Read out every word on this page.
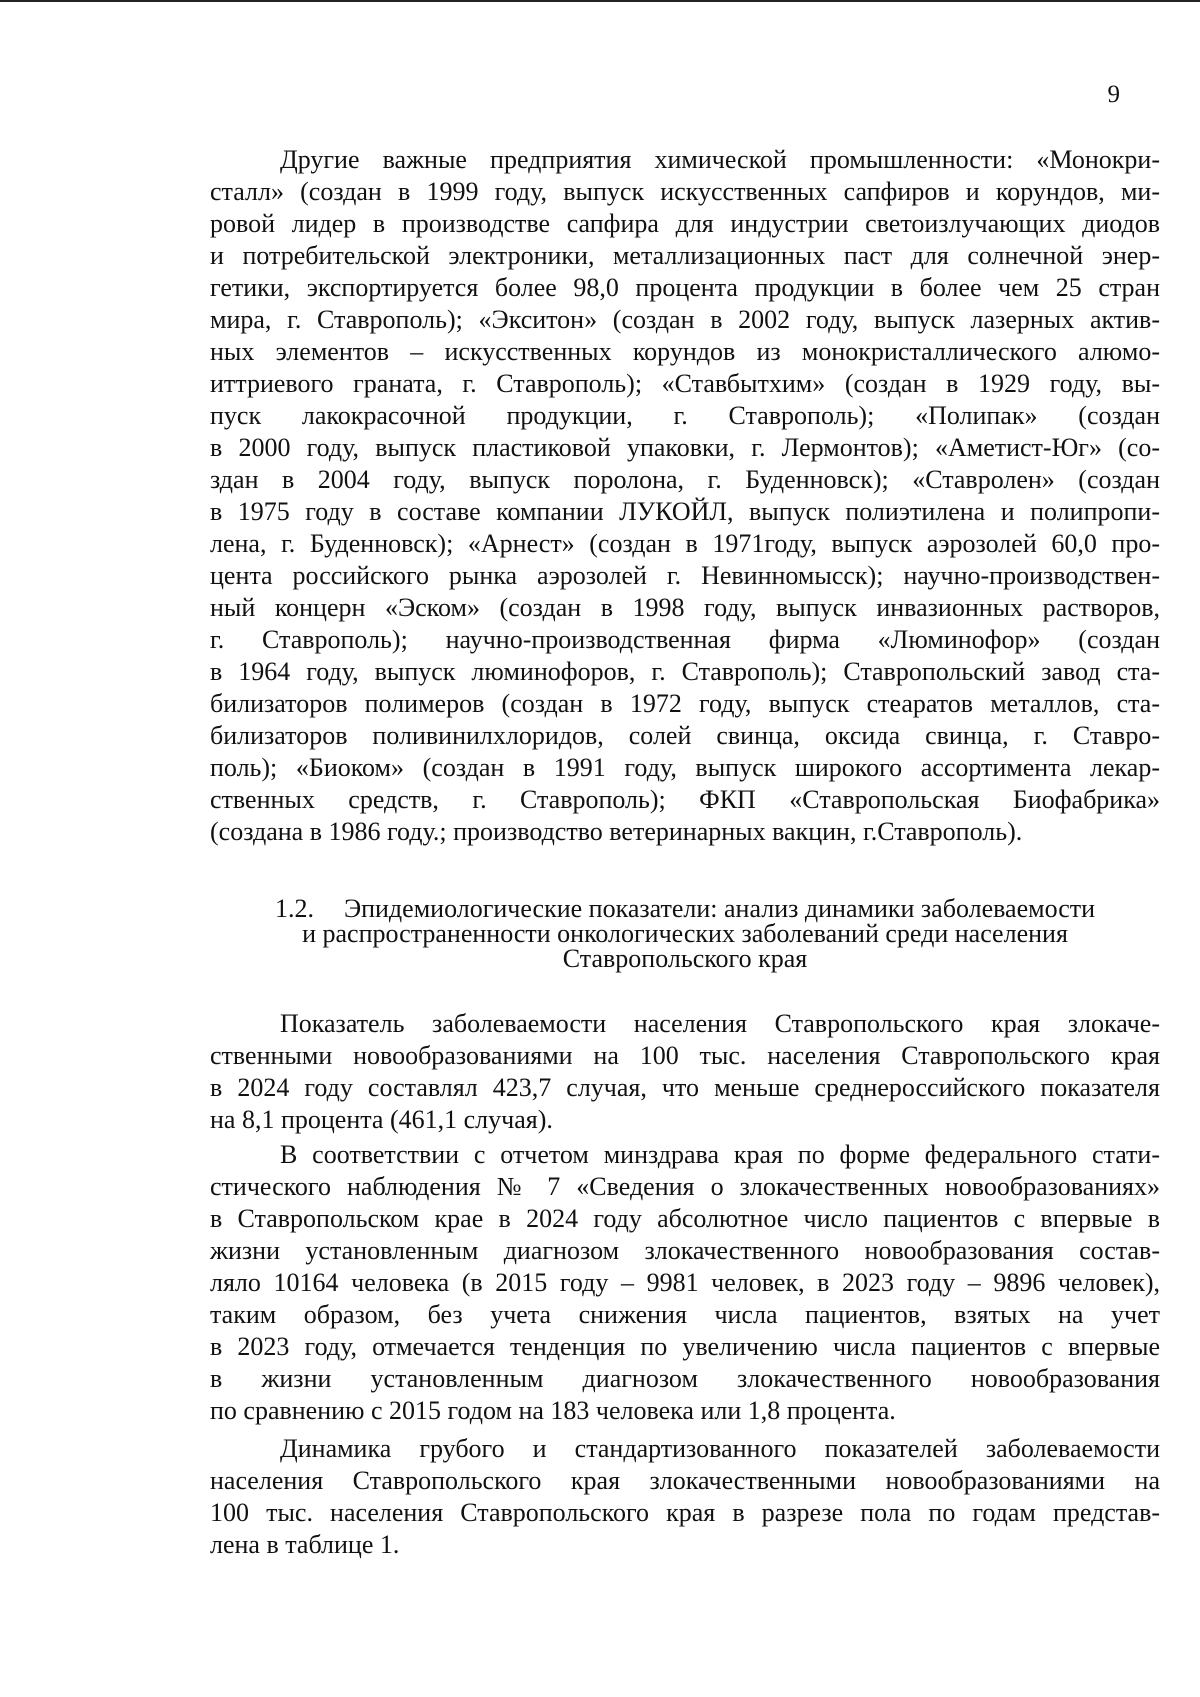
9
Другие важные предприятия химической промышленности: «Монокри-
сталл» (создан в 1999 году, выпуск искусственных сапфиров и корундов, ми-
ровой лидер в производстве сапфира для индустрии светоизлучающих диодов
и потребительской электроники, металлизационных паст для солнечной энер-
гетики, экспортируется более 98,0 процента продукции в более чем 25 стран
мира, г. Ставрополь); «Экситон» (создан в 2002 году, выпуск лазерных актив-
ных элементов – искусственных корундов из монокристаллического алюмо-
иттриевого граната, г. Ставрополь); «Ставбытхим» (создан в 1929 году, вы-
пуск лакокрасочной продукции, г. Ставрополь); «Полипак» (создан
в 2000 году, выпуск пластиковой упаковки, г. Лермонтов); «Аметист-Юг» (со-
здан в 2004 году, выпуск поролона, г. Буденновск); «Ставролен» (создан
в 1975 году в составе компании ЛУКОЙЛ, выпуск полиэтилена и полипропи-
лена, г. Буденновск); «Арнест» (создан в 1971году, выпуск аэрозолей 60,0 про-
цента российского рынка аэрозолей г. Невинномысск); научно-производствен-
ный концерн «Эском» (создан в 1998 году, выпуск инвазионных растворов,
г. Ставрополь); научно-производственная фирма «Люминофор» (создан
в 1964 году, выпуск люминофоров, г. Ставрополь); Ставропольский завод ста-
билизаторов полимеров (создан в 1972 году, выпуск стеаратов металлов, ста-
билизаторов поливинилхлоридов, солей свинца, оксида свинца, г. Ставро-
поль); «Биоком» (создан в 1991 году, выпуск широкого ассортимента лекар-
ственных средств, г. Ставрополь); ФКП «Ставропольская Биофабрика»
(создана в 1986 году.; производство ветеринарных вакцин, г.Ставрополь).
1.2. Эпидемиологические показатели: анализ динамики заболеваемости
и распространенности онкологических заболеваний среди населения
Ставропольского края
Показатель заболеваемости населения Ставропольского края злокаче-
ственными новообразованиями на 100 тыс. населения Ставропольского края
в 2024 году составлял 423,7 случая, что меньше среднероссийского показателя
на 8,1 процента (461,1 случая).
В соответствии с отчетом минздрава края по форме федерального стати-
стического наблюдения № 7 «Сведения о злокачественных новообразованиях»
в Ставропольском крае в 2024 году абсолютное число пациентов с впервые в
жизни установленным диагнозом злокачественного новообразования состав-
ляло 10164 человека (в 2015 году – 9981 человек, в 2023 году – 9896 человек),
таким образом, без учета снижения числа пациентов, взятых на учет
в 2023 году, отмечается тенденция по увеличению числа пациентов с впервые
в жизни установленным диагнозом злокачественного новообразования
по сравнению с 2015 годом на 183 человека или 1,8 процента.
Динамика грубого и стандартизованного показателей заболеваемости
населения Ставропольского края злокачественными новообразованиями на
100 тыс. населения Ставропольского края в разрезе пола по годам представ-
лена в таблице 1.
